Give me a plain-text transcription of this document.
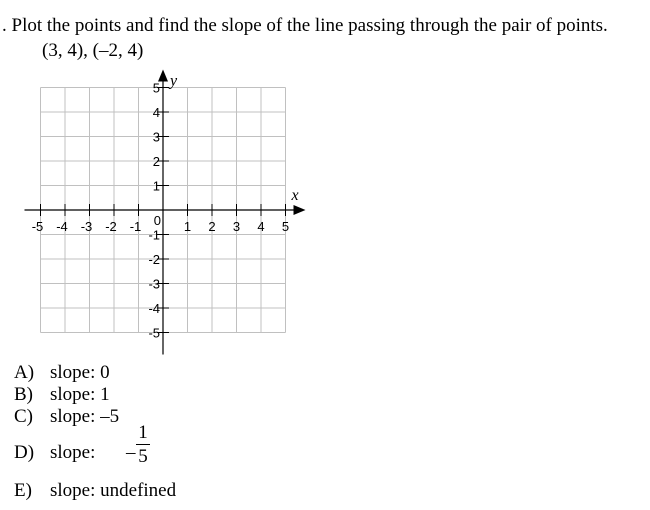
. Plot the points and find the slope of the line passing through the pair of points.
(3, 4), (–2, 4)
x
y
-5 -4 -3 -2 -1	1 2 3 4 5
5
4
3
2
1
-1
-2
-3
-4
-5
0
A) slope: 0
B) slope: 1
C) slope: –5
D) slope: –
1
5
E) slope: undefined
